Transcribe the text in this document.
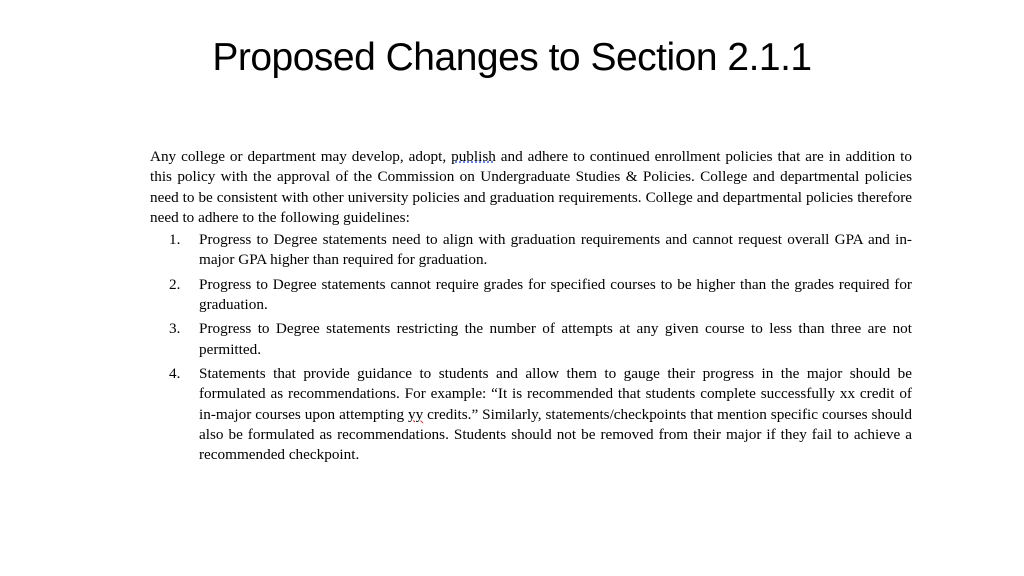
Proposed Changes to Section 2.1.1

Any college or department may develop, adopt, publish and adhere to continued enrollment policies that are in addition to this policy with the approval of the Commission on Undergraduate Studies & Policies. College and departmental policies need to be consistent with other university policies and graduation requirements. College and departmental policies therefore need to adhere to the following guidelines:

1. Progress to Degree statements need to align with graduation requirements and cannot request overall GPA and in-major GPA higher than required for graduation.
2. Progress to Degree statements cannot require grades for specified courses to be higher than the grades required for graduation.
3. Progress to Degree statements restricting the number of attempts at any given course to less than three are not permitted.
4. Statements that provide guidance to students and allow them to gauge their progress in the major should be formulated as recommendations. For example: “It is recommended that students complete successfully xx credit of in-major courses upon attempting yy credits.” Similarly, statements/checkpoints that mention specific courses should also be formulated as recommendations. Students should not be removed from their major if they fail to achieve a recommended checkpoint.
